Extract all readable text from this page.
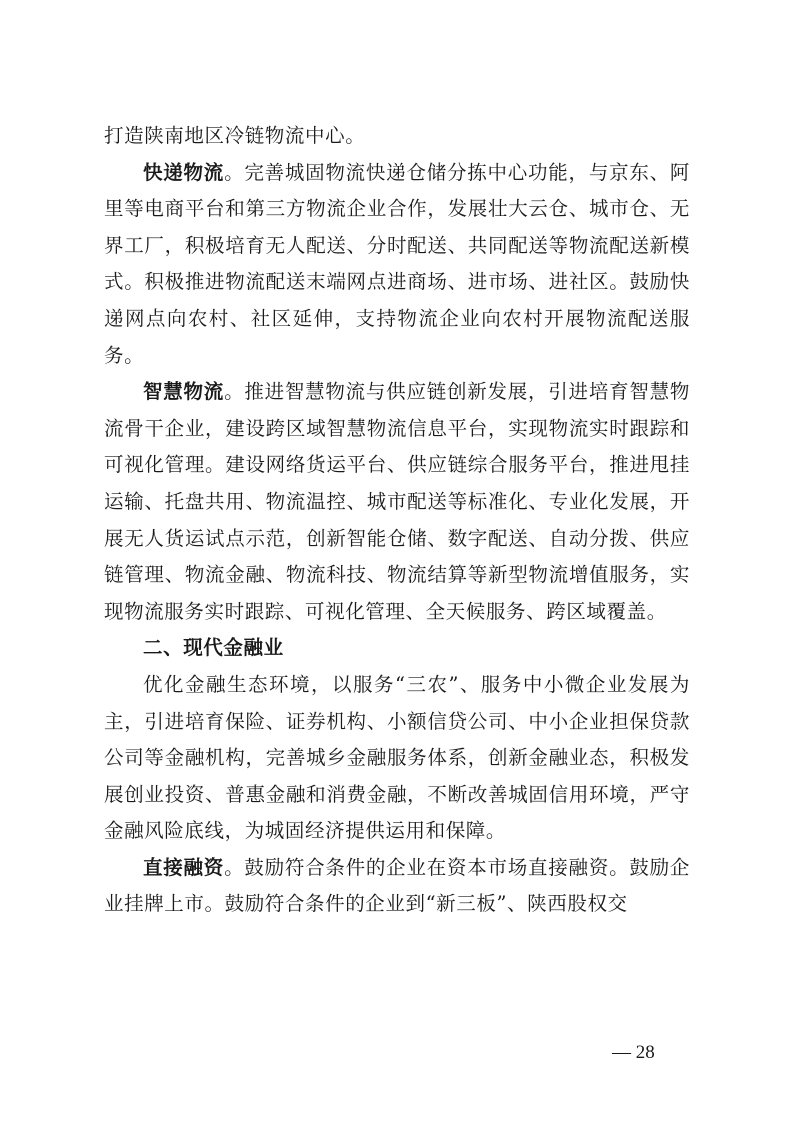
打造陕南地区冷链物流中心。

快递物流。完善城固物流快递仓储分拣中心功能，与京东、阿里等电商平台和第三方物流企业合作，发展壮大云仓、城市仓、无界工厂，积极培育无人配送、分时配送、共同配送等物流配送新模式。积极推进物流配送末端网点进商场、进市场、进社区。鼓励快递网点向农村、社区延伸，支持物流企业向农村开展物流配送服务。

智慧物流。推进智慧物流与供应链创新发展，引进培育智慧物流骨干企业，建设跨区域智慧物流信息平台，实现物流实时跟踪和可视化管理。建设网络货运平台、供应链综合服务平台，推进甩挂运输、托盘共用、物流温控、城市配送等标准化、专业化发展，开展无人货运试点示范，创新智能仓储、数字配送、自动分拨、供应链管理、物流金融、物流科技、物流结算等新型物流增值服务，实现物流服务实时跟踪、可视化管理、全天候服务、跨区域覆盖。

二、现代金融业

优化金融生态环境，以服务“三农”、服务中小微企业发展为主，引进培育保险、证券机构、小额信贷公司、中小企业担保贷款公司等金融机构，完善城乡金融服务体系，创新金融业态，积极发展创业投资、普惠金融和消费金融，不断改善城固信用环境，严守金融风险底线，为城固经济提供运用和保障。

直接融资。鼓励符合条件的企业在资本市场直接融资。鼓励企业挂牌上市。鼓励符合条件的企业到“新三板”、陕西股权交

— 28
